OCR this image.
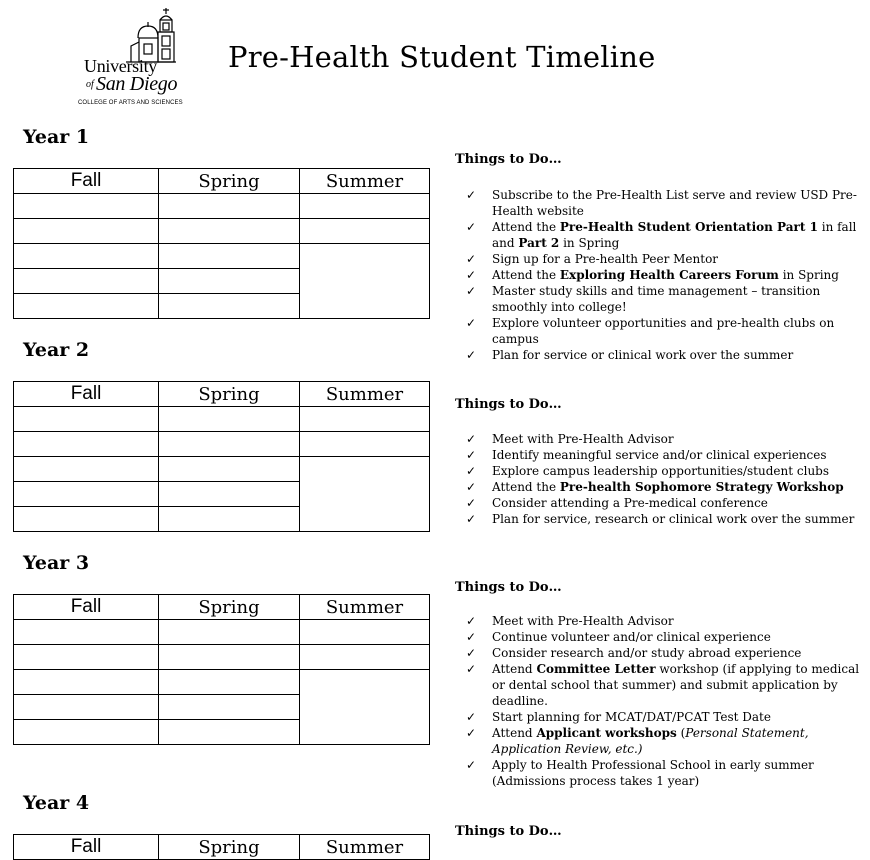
University
of San Diego
COLLEGE OF ARTS AND SCIENCES
Pre-Health Student Timeline
Year 1
Fall	Spring	Summer

Things to Do…
✓ Subscribe to the Pre-Health List serve and review USD Pre-Health website
✓ Attend the Pre-Health Student Orientation Part 1 in fall and Part 2 in Spring
✓ Sign up for a Pre-health Peer Mentor
✓ Attend the Exploring Health Careers Forum in Spring
✓ Master study skills and time management – transition smoothly into college!
✓ Explore volunteer opportunities and pre-health clubs on campus
✓ Plan for service or clinical work over the summer
Year 2
Fall	Spring	Summer

		Things to Do…
✓ Meet with Pre-Health Advisor
✓ Identify meaningful service and/or clinical experiences
✓ Explore campus leadership opportunities/student clubs
✓ Attend the Pre-health Sophomore Strategy Workshop
✓ Consider attending a Pre-medical conference
✓ Plan for service, research or clinical work over the summer
Year 3
Fall	Spring	Summer

Things to Do…
✓ Meet with Pre-Health Advisor
✓ Continue volunteer and/or clinical experience
✓ Consider research and/or study abroad experience
✓ Attend Committee Letter workshop (if applying to medical or dental school that summer) and submit application by deadline.
✓ Start planning for MCAT/DAT/PCAT Test Date
✓ Attend Applicant workshops (Personal Statement, Application Review, etc.)
✓ Apply to Health Professional School in early summer (Admissions process takes 1 year)
Year 4
Fall	Spring	Summer
Things to Do…
